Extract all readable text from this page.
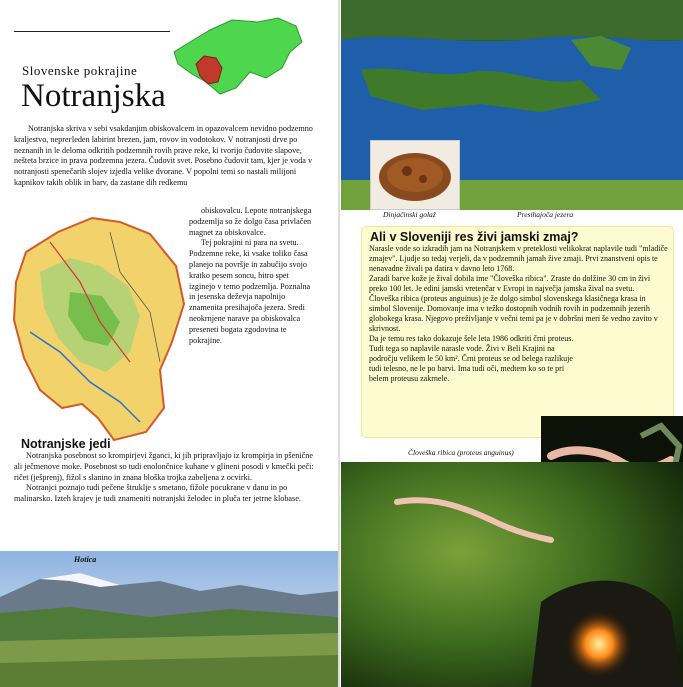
Slovenske pokrajine
Notranjska
Notranjska skriva v sebi vsakdanjim obiskovalcem in opazovalcem nevidno podzemno kraljestvo, neprегleden labirint brezen, jam, rovov in vodotokov. V notranjosti drve po neznanih in le deloma odkritih podzemnih rovih prave reke, ki tvorijo čudovite slapove, nešteta brzice in prava podzemna jezera. Čudovit svet. Posebno čudovit tam, kjer je voda v notranjosti spenečarih slojev izjedla velike dvorane. V popolni temi so nastali milijoni kapnikov takih oblik in barv, da zastane dih redkemu

obiskovalcu. Lepote notranjskega podzemlja so že dolgo časa privlačen magnet za obiskovalce.

Tej pokrajini ni para na svetu. Podzemne reke, ki vsake toliko časa planejo na površje in zabučijo svojo kratko pesem soncu, hitro spet izginejo v temo podzemlja. Poznalna in jesenska deževja napolnijo znamenita presihajoča jezera. Sredi neokrnjene narave pa obiskovalca preseneti bogata zgodovina te pokrajine.

Notranjske jedi

Notranjska posebnost so krompirjevi žganci, ki jih pripravljajo iz krompirja in pšenične ali ječmenove moke. Posebnost so tudi enolončnice kuhane v glineni posodi v kmečki peči: ričet (ješprenj), fižol s slanino in znana bloška trojka zabeljena z ocvirki.

Notranjci poznajo tudi pečene štruklje s smetano, fižole pocukrane v danu in po malinarsko. Izteh krajev je tudi znameniti notranjski želodec in pluča ter jetrne klobase.

Hotica
Dinjačinski golaž	Presihajoča jezera
Ali v Sloveniji res živi jamski zmaj?

Narasle vode so izkradih jam na Notranjskem v preteklosti velikokrat naplavile tudi "mladiče zmajev". Ljudje so tedaj verjeli, da v podzemnih jamah žive zmaji. Prvi znanstveni opis te nenavadne živali pa datira v davno leto 1768.

Zaradi barve kože je žival dobila ime "Človeška ribica". Zraste do dolžine 30 cm in živi preko 100 let. Je edini jamski vretenčar v Evropi in največja jamska žival na svetu.

Človeška ribica (proteus anguinus) je že dolgo simbol slovenskega klasičnega krasa in simbol Slovenije. Domovanje ima v težko dostopnih vodnih rovih in podzemnih jezerih globokega krasa. Njegovo preživljanje v večni temi pa je v dobršni meri še vedno zavito v skrivnost.

Da je temu res tako dokazuje šele leta 1986 odkriti črni proteus. Tudi tega so naplavile narasle vode. Živi v Beli Krajini na področju velikem le 50 km². Črni proteus se od belega razlikuje tudi telesno, ne le po barvi. Ima tudi oči, medtem ko so te pri belem proteusu zakrnele.

Človeška ribica (proteus anguinus)
